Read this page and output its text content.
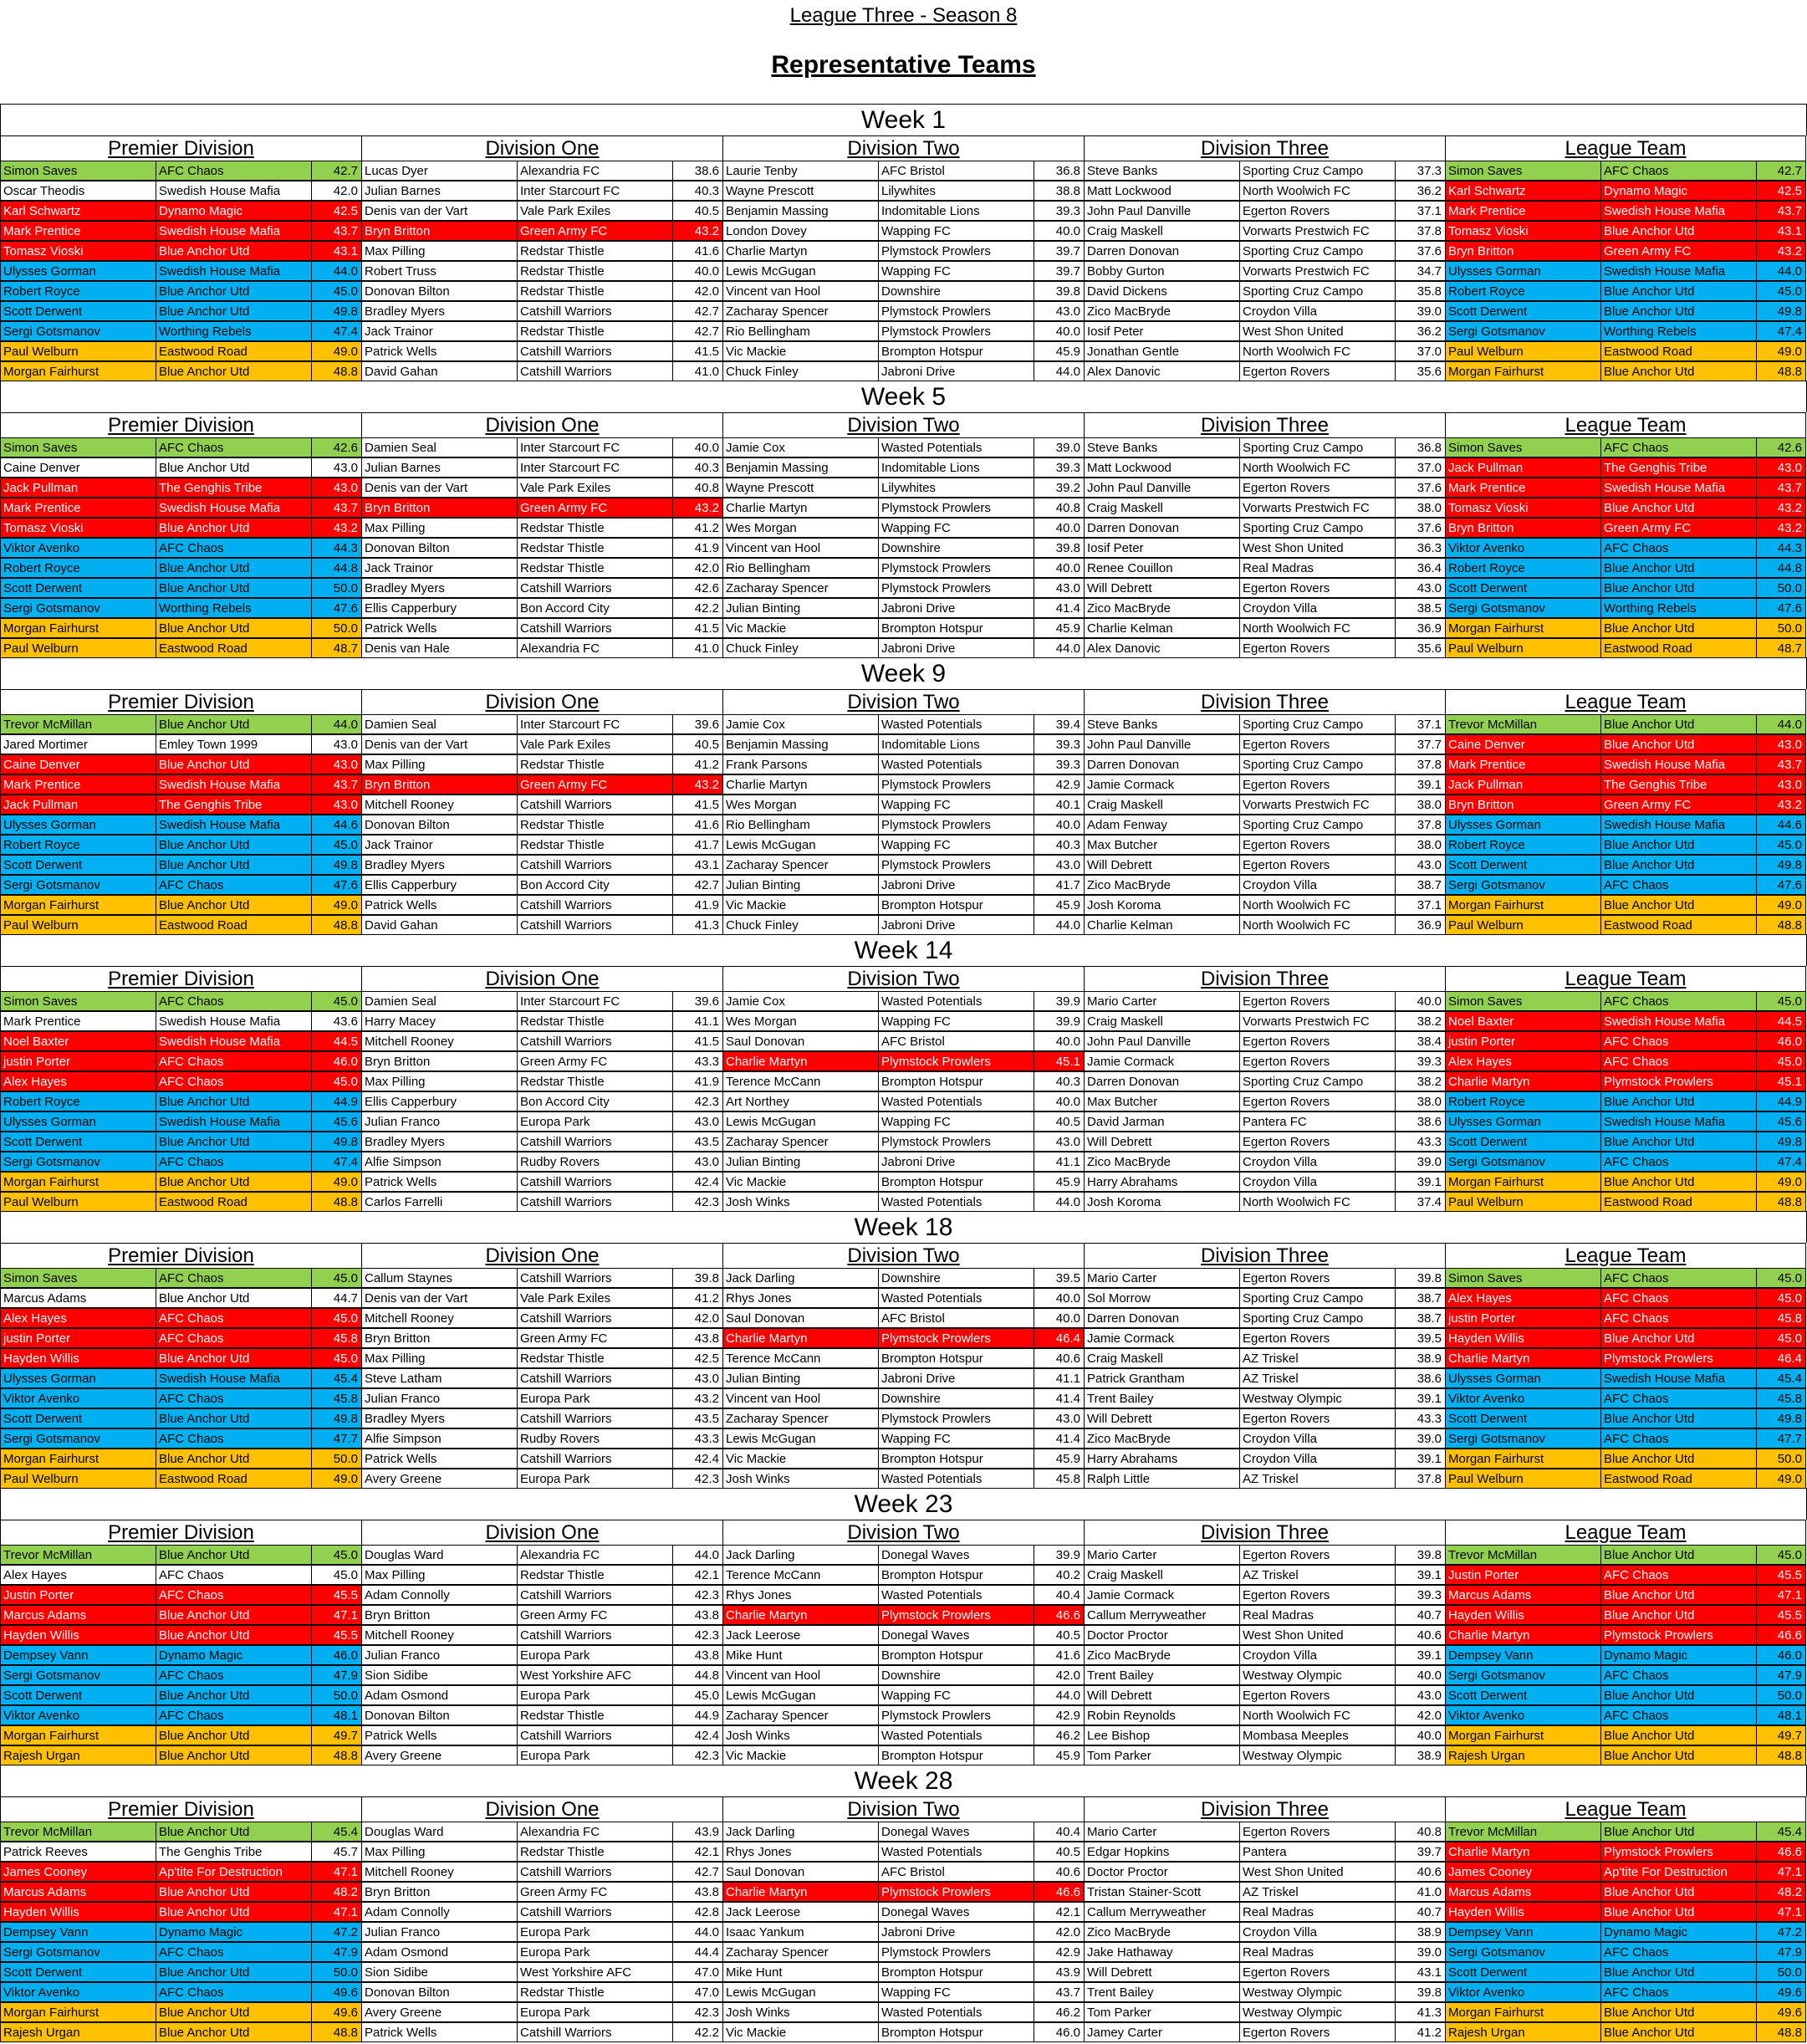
League Three - Season 8
Representative Teams
Week 1
Premier Division	Division One	Division Two	Division Three	League Team
Simon Saves	AFC Chaos	42.7 Lucas Dyer	Alexandria FC	38.6 Laurie Tenby	AFC Bristol	36.8 Steve Banks	Sporting Cruz Campo	37.3 Simon Saves	AFC Chaos	42.7
Oscar Theodis	Swedish House Mafia	42.0 Julian Barnes	Inter Starcourt FC	40.3 Wayne Prescott	Lilywhites	38.8 Matt Lockwood	North Woolwich FC	36.2 Karl Schwartz	Dynamo Magic	42.5
Karl Schwartz	Dynamo Magic	42.5 Denis van der Vart	Vale Park Exiles	40.5 Benjamin Massing	Indomitable Lions	39.3 John Paul Danville	Egerton Rovers	37.1 Mark Prentice	Swedish House Mafia	43.7
Mark Prentice	Swedish House Mafia	43.7 Bryn Britton	Green Army FC	43.2 London Dovey	Wapping FC	40.0 Craig Maskell	Vorwarts Prestwich FC	37.8 Tomasz Vioski	Blue Anchor Utd	43.1
Tomasz Vioski	Blue Anchor Utd	43.1 Max Pilling	Redstar Thistle	41.6 Charlie Martyn	Plymstock Prowlers	39.7 Darren Donovan	Sporting Cruz Campo	37.6 Bryn Britton	Green Army FC	43.2
Ulysses Gorman	Swedish House Mafia	44.0 Robert Truss	Redstar Thistle	40.0 Lewis McGugan	Wapping FC	39.7 Bobby Gurton	Vorwarts Prestwich FC	34.7 Ulysses Gorman	Swedish House Mafia	44.0
Robert Royce	Blue Anchor Utd	45.0 Donovan Bilton	Redstar Thistle	42.0 Vincent van Hool	Downshire	39.8 David Dickens	Sporting Cruz Campo	35.8 Robert Royce	Blue Anchor Utd	45.0
Scott Derwent	Blue Anchor Utd	49.8 Bradley Myers	Catshill Warriors	42.7 Zacharay Spencer	Plymstock Prowlers	43.0 Zico MacBryde	Croydon Villa	39.0 Scott Derwent	Blue Anchor Utd	49.8
Sergi Gotsmanov	Worthing Rebels	47.4 Jack Trainor	Redstar Thistle	42.7 Rio Bellingham	Plymstock Prowlers	40.0 Iosif Peter	West Shon United	36.2 Sergi Gotsmanov	Worthing Rebels	47.4
Paul Welburn	Eastwood Road	49.0 Patrick Wells	Catshill Warriors	41.5 Vic Mackie	Brompton Hotspur	45.9 Jonathan Gentle	North Woolwich FC	37.0 Paul Welburn	Eastwood Road	49.0
Morgan Fairhurst	Blue Anchor Utd	48.8 David Gahan	Catshill Warriors	41.0 Chuck Finley	Jabroni Drive	44.0 Alex Danovic	Egerton Rovers	35.6 Morgan Fairhurst	Blue Anchor Utd	48.8
Week 5
Premier Division	Division One	Division Two	Division Three	League Team
Simon Saves	AFC Chaos	42.6 Damien Seal	Inter Starcourt FC	40.0 Jamie Cox	Wasted Potentials	39.0 Steve Banks	Sporting Cruz Campo	36.8 Simon Saves	AFC Chaos	42.6
Caine Denver	Blue Anchor Utd	43.0 Julian Barnes	Inter Starcourt FC	40.3 Benjamin Massing	Indomitable Lions	39.3 Matt Lockwood	North Woolwich FC	37.0 Jack Pullman	The Genghis Tribe	43.0
Jack Pullman	The Genghis Tribe	43.0 Denis van der Vart	Vale Park Exiles	40.8 Wayne Prescott	Lilywhites	39.2 John Paul Danville	Egerton Rovers	37.6 Mark Prentice	Swedish House Mafia	43.7
Mark Prentice	Swedish House Mafia	43.7 Bryn Britton	Green Army FC	43.2 Charlie Martyn	Plymstock Prowlers	40.8 Craig Maskell	Vorwarts Prestwich FC	38.0 Tomasz Vioski	Blue Anchor Utd	43.2
Tomasz Vioski	Blue Anchor Utd	43.2 Max Pilling	Redstar Thistle	41.2 Wes Morgan	Wapping FC	40.0 Darren Donovan	Sporting Cruz Campo	37.6 Bryn Britton	Green Army FC	43.2
Viktor Avenko	AFC Chaos	44.3 Donovan Bilton	Redstar Thistle	41.9 Vincent van Hool	Downshire	39.8 Iosif Peter	West Shon United	36.3 Viktor Avenko	AFC Chaos	44.3
Robert Royce	Blue Anchor Utd	44.8 Jack Trainor	Redstar Thistle	42.0 Rio Bellingham	Plymstock Prowlers	40.0 Renee Couillon	Real Madras	36.4 Robert Royce	Blue Anchor Utd	44.8
Scott Derwent	Blue Anchor Utd	50.0 Bradley Myers	Catshill Warriors	42.6 Zacharay Spencer	Plymstock Prowlers	43.0 Will Debrett	Egerton Rovers	43.0 Scott Derwent	Blue Anchor Utd	50.0
Sergi Gotsmanov	Worthing Rebels	47.6 Ellis Capperbury	Bon Accord City	42.2 Julian Binting	Jabroni Drive	41.4 Zico MacBryde	Croydon Villa	38.5 Sergi Gotsmanov	Worthing Rebels	47.6
Morgan Fairhurst	Blue Anchor Utd	50.0 Patrick Wells	Catshill Warriors	41.5 Vic Mackie	Brompton Hotspur	45.9 Charlie Kelman	North Woolwich FC	36.9 Morgan Fairhurst	Blue Anchor Utd	50.0
Paul Welburn	Eastwood Road	48.7 Denis van Hale	Alexandria FC	41.0 Chuck Finley	Jabroni Drive	44.0 Alex Danovic	Egerton Rovers	35.6 Paul Welburn	Eastwood Road	48.7
Week 9
Premier Division	Division One	Division Two	Division Three	League Team
Trevor McMillan	Blue Anchor Utd	44.0 Damien Seal	Inter Starcourt FC	39.6 Jamie Cox	Wasted Potentials	39.4 Steve Banks	Sporting Cruz Campo	37.1 Trevor McMillan	Blue Anchor Utd	44.0
Jared Mortimer	Emley Town 1999	43.0 Denis van der Vart	Vale Park Exiles	40.5 Benjamin Massing	Indomitable Lions	39.3 John Paul Danville	Egerton Rovers	37.7 Caine Denver	Blue Anchor Utd	43.0
Caine Denver	Blue Anchor Utd	43.0 Max Pilling	Redstar Thistle	41.2 Frank Parsons	Wasted Potentials	39.3 Darren Donovan	Sporting Cruz Campo	37.8 Mark Prentice	Swedish House Mafia	43.7
Mark Prentice	Swedish House Mafia	43.7 Bryn Britton	Green Army FC	43.2 Charlie Martyn	Plymstock Prowlers	42.9 Jamie Cormack	Egerton Rovers	39.1 Jack Pullman	The Genghis Tribe	43.0
Jack Pullman	The Genghis Tribe	43.0 Mitchell Rooney	Catshill Warriors	41.5 Wes Morgan	Wapping FC	40.1 Craig Maskell	Vorwarts Prestwich FC	38.0 Bryn Britton	Green Army FC	43.2
Ulysses Gorman	Swedish House Mafia	44.6 Donovan Bilton	Redstar Thistle	41.6 Rio Bellingham	Plymstock Prowlers	40.0 Adam Fenway	Sporting Cruz Campo	37.8 Ulysses Gorman	Swedish House Mafia	44.6
Robert Royce	Blue Anchor Utd	45.0 Jack Trainor	Redstar Thistle	41.7 Lewis McGugan	Wapping FC	40.3 Max Butcher	Egerton Rovers	38.0 Robert Royce	Blue Anchor Utd	45.0
Scott Derwent	Blue Anchor Utd	49.8 Bradley Myers	Catshill Warriors	43.1 Zacharay Spencer	Plymstock Prowlers	43.0 Will Debrett	Egerton Rovers	43.0 Scott Derwent	Blue Anchor Utd	49.8
Sergi Gotsmanov	AFC Chaos	47.6 Ellis Capperbury	Bon Accord City	42.7 Julian Binting	Jabroni Drive	41.7 Zico MacBryde	Croydon Villa	38.7 Sergi Gotsmanov	AFC Chaos	47.6
Morgan Fairhurst	Blue Anchor Utd	49.0 Patrick Wells	Catshill Warriors	41.9 Vic Mackie	Brompton Hotspur	45.9 Josh Koroma	North Woolwich FC	37.1 Morgan Fairhurst	Blue Anchor Utd	49.0
Paul Welburn	Eastwood Road	48.8 David Gahan	Catshill Warriors	41.3 Chuck Finley	Jabroni Drive	44.0 Charlie Kelman	North Woolwich FC	36.9 Paul Welburn	Eastwood Road	48.8
Week 14
Premier Division	Division One	Division Two	Division Three	League Team
Simon Saves	AFC Chaos	45.0 Damien Seal	Inter Starcourt FC	39.6 Jamie Cox	Wasted Potentials	39.9 Mario Carter	Egerton Rovers	40.0 Simon Saves	AFC Chaos	45.0
Mark Prentice	Swedish House Mafia	43.6 Harry Macey	Redstar Thistle	41.1 Wes Morgan	Wapping FC	39.9 Craig Maskell	Vorwarts Prestwich FC	38.2 Noel Baxter	Swedish House Mafia	44.5
Noel Baxter	Swedish House Mafia	44.5 Mitchell Rooney	Catshill Warriors	41.5 Saul Donovan	AFC Bristol	40.0 John Paul Danville	Egerton Rovers	38.4 justin Porter	AFC Chaos	46.0
justin Porter	AFC Chaos	46.0 Bryn Britton	Green Army FC	43.3 Charlie Martyn	Plymstock Prowlers	45.1 Jamie Cormack	Egerton Rovers	39.3 Alex Hayes	AFC Chaos	45.0
Alex Hayes	AFC Chaos	45.0 Max Pilling	Redstar Thistle	41.9 Terence McCann	Brompton Hotspur	40.3 Darren Donovan	Sporting Cruz Campo	38.2 Charlie Martyn	Plymstock Prowlers	45.1
Robert Royce	Blue Anchor Utd	44.9 Ellis Capperbury	Bon Accord City	42.3 Art Northey	Wasted Potentials	40.0 Max Butcher	Egerton Rovers	38.0 Robert Royce	Blue Anchor Utd	44.9
Ulysses Gorman	Swedish House Mafia	45.6 Julian Franco	Europa Park	43.0 Lewis McGugan	Wapping FC	40.5 David Jarman	Pantera FC	38.6 Ulysses Gorman	Swedish House Mafia	45.6
Scott Derwent	Blue Anchor Utd	49.8 Bradley Myers	Catshill Warriors	43.5 Zacharay Spencer	Plymstock Prowlers	43.0 Will Debrett	Egerton Rovers	43.3 Scott Derwent	Blue Anchor Utd	49.8
Sergi Gotsmanov	AFC Chaos	47.4 Alfie Simpson	Rudby Rovers	43.0 Julian Binting	Jabroni Drive	41.1 Zico MacBryde	Croydon Villa	39.0 Sergi Gotsmanov	AFC Chaos	47.4
Morgan Fairhurst	Blue Anchor Utd	49.0 Patrick Wells	Catshill Warriors	42.4 Vic Mackie	Brompton Hotspur	45.9 Harry Abrahams	Croydon Villa	39.1 Morgan Fairhurst	Blue Anchor Utd	49.0
Paul Welburn	Eastwood Road	48.8 Carlos Farrelli	Catshill Warriors	42.3 Josh Winks	Wasted Potentials	44.0 Josh Koroma	North Woolwich FC	37.4 Paul Welburn	Eastwood Road	48.8
Week 18
Premier Division	Division One	Division Two	Division Three	League Team
Simon Saves	AFC Chaos	45.0 Callum Staynes	Catshill Warriors	39.8 Jack Darling	Downshire	39.5 Mario Carter	Egerton Rovers	39.8 Simon Saves	AFC Chaos	45.0
Marcus Adams	Blue Anchor Utd	44.7 Denis van der Vart	Vale Park Exiles	41.2 Rhys Jones	Wasted Potentials	40.0 Sol Morrow	Sporting Cruz Campo	38.7 Alex Hayes	AFC Chaos	45.0
Alex Hayes	AFC Chaos	45.0 Mitchell Rooney	Catshill Warriors	42.0 Saul Donovan	AFC Bristol	40.0 Darren Donovan	Sporting Cruz Campo	38.7 justin Porter	AFC Chaos	45.8
justin Porter	AFC Chaos	45.8 Bryn Britton	Green Army FC	43.8 Charlie Martyn	Plymstock Prowlers	46.4 Jamie Cormack	Egerton Rovers	39.5 Hayden Willis	Blue Anchor Utd	45.0
Hayden Willis	Blue Anchor Utd	45.0 Max Pilling	Redstar Thistle	42.5 Terence McCann	Brompton Hotspur	40.6 Craig Maskell	AZ Triskel	38.9 Charlie Martyn	Plymstock Prowlers	46.4
Ulysses Gorman	Swedish House Mafia	45.4 Steve Latham	Catshill Warriors	43.0 Julian Binting	Jabroni Drive	41.1 Patrick Grantham	AZ Triskel	38.6 Ulysses Gorman	Swedish House Mafia	45.4
Viktor Avenko	AFC Chaos	45.8 Julian Franco	Europa Park	43.2 Vincent van Hool	Downshire	41.4 Trent Bailey	Westway Olympic	39.1 Viktor Avenko	AFC Chaos	45.8
Scott Derwent	Blue Anchor Utd	49.8 Bradley Myers	Catshill Warriors	43.5 Zacharay Spencer	Plymstock Prowlers	43.0 Will Debrett	Egerton Rovers	43.3 Scott Derwent	Blue Anchor Utd	49.8
Sergi Gotsmanov	AFC Chaos	47.7 Alfie Simpson	Rudby Rovers	43.3 Lewis McGugan	Wapping FC	41.4 Zico MacBryde	Croydon Villa	39.0 Sergi Gotsmanov	AFC Chaos	47.7
Morgan Fairhurst	Blue Anchor Utd	50.0 Patrick Wells	Catshill Warriors	42.4 Vic Mackie	Brompton Hotspur	45.9 Harry Abrahams	Croydon Villa	39.1 Morgan Fairhurst	Blue Anchor Utd	50.0
Paul Welburn	Eastwood Road	49.0 Avery Greene	Europa Park	42.3 Josh Winks	Wasted Potentials	45.8 Ralph Little	AZ Triskel	37.8 Paul Welburn	Eastwood Road	49.0
Week 23
Premier Division	Division One	Division Two	Division Three	League Team
Trevor McMillan	Blue Anchor Utd	45.0 Douglas Ward	Alexandria FC	44.0 Jack Darling	Donegal Waves	39.9 Mario Carter	Egerton Rovers	39.8 Trevor McMillan	Blue Anchor Utd	45.0
Alex Hayes	AFC Chaos	45.0 Max Pilling	Redstar Thistle	42.1 Terence McCann	Brompton Hotspur	40.2 Craig Maskell	AZ Triskel	39.1 Justin Porter	AFC Chaos	45.5
Justin Porter	AFC Chaos	45.5 Adam Connolly	Catshill Warriors	42.3 Rhys Jones	Wasted Potentials	40.4 Jamie Cormack	Egerton Rovers	39.3 Marcus Adams	Blue Anchor Utd	47.1
Marcus Adams	Blue Anchor Utd	47.1 Bryn Britton	Green Army FC	43.8 Charlie Martyn	Plymstock Prowlers	46.6 Callum Merryweather	Real Madras	40.7 Hayden Willis	Blue Anchor Utd	45.5
Hayden Willis	Blue Anchor Utd	45.5 Mitchell Rooney	Catshill Warriors	42.3 Jack Leerose	Donegal Waves	40.5 Doctor Proctor	West Shon United	40.6 Charlie Martyn	Plymstock Prowlers	46.6
Dempsey Vann	Dynamo Magic	46.0 Julian Franco	Europa Park	43.8 Mike Hunt	Brompton Hotspur	41.6 Zico MacBryde	Croydon Villa	39.1 Dempsey Vann	Dynamo Magic	46.0
Sergi Gotsmanov	AFC Chaos	47.9 Sion Sidibe	West Yorkshire AFC	44.8 Vincent van Hool	Downshire	42.0 Trent Bailey	Westway Olympic	40.0 Sergi Gotsmanov	AFC Chaos	47.9
Scott Derwent	Blue Anchor Utd	50.0 Adam Osmond	Europa Park	45.0 Lewis McGugan	Wapping FC	44.0 Will Debrett	Egerton Rovers	43.0 Scott Derwent	Blue Anchor Utd	50.0
Viktor Avenko	AFC Chaos	48.1 Donovan Bilton	Redstar Thistle	44.9 Zacharay Spencer	Plymstock Prowlers	42.9 Robin Reynolds	North Woolwich FC	42.0 Viktor Avenko	AFC Chaos	48.1
Morgan Fairhurst	Blue Anchor Utd	49.7 Patrick Wells	Catshill Warriors	42.4 Josh Winks	Wasted Potentials	46.2 Lee Bishop	Mombasa Meeples	40.0 Morgan Fairhurst	Blue Anchor Utd	49.7
Rajesh Urgan	Blue Anchor Utd	48.8 Avery Greene	Europa Park	42.3 Vic Mackie	Brompton Hotspur	45.9 Tom Parker	Westway Olympic	38.9 Rajesh Urgan	Blue Anchor Utd	48.8
Week 28
Premier Division	Division One	Division Two	Division Three	League Team
Trevor McMillan	Blue Anchor Utd	45.4 Douglas Ward	Alexandria FC	43.9 Jack Darling	Donegal Waves	40.4 Mario Carter	Egerton Rovers	40.8 Trevor McMillan	Blue Anchor Utd	45.4
Patrick Reeves	The Genghis Tribe	45.7 Max Pilling	Redstar Thistle	42.1 Rhys Jones	Wasted Potentials	40.5 Edgar Hopkins	Pantera	39.7 Charlie Martyn	Plymstock Prowlers	46.6
James Cooney	Ap'tite For Destruction	47.1 Mitchell Rooney	Catshill Warriors	42.7 Saul Donovan	AFC Bristol	40.6 Doctor Proctor	West Shon United	40.6 James Cooney	Ap'tite For Destruction	47.1
Marcus Adams	Blue Anchor Utd	48.2 Bryn Britton	Green Army FC	43.8 Charlie Martyn	Plymstock Prowlers	46.6 Tristan Stainer-Scott	AZ Triskel	41.0 Marcus Adams	Blue Anchor Utd	48.2
Hayden Willis	Blue Anchor Utd	47.1 Adam Connolly	Catshill Warriors	42.8 Jack Leerose	Donegal Waves	42.1 Callum Merryweather	Real Madras	40.7 Hayden Willis	Blue Anchor Utd	47.1
Dempsey Vann	Dynamo Magic	47.2 Julian Franco	Europa Park	44.0 Isaac Yankum	Jabroni Drive	42.0 Zico MacBryde	Croydon Villa	38.9 Dempsey Vann	Dynamo Magic	47.2
Sergi Gotsmanov	AFC Chaos	47.9 Adam Osmond	Europa Park	44.4 Zacharay Spencer	Plymstock Prowlers	42.9 Jake Hathaway	Real Madras	39.0 Sergi Gotsmanov	AFC Chaos	47.9
Scott Derwent	Blue Anchor Utd	50.0 Sion Sidibe	West Yorkshire AFC	47.0 Mike Hunt	Brompton Hotspur	43.9 Will Debrett	Egerton Rovers	43.1 Scott Derwent	Blue Anchor Utd	50.0
Viktor Avenko	AFC Chaos	49.6 Donovan Bilton	Redstar Thistle	47.0 Lewis McGugan	Wapping FC	43.7 Trent Bailey	Westway Olympic	39.8 Viktor Avenko	AFC Chaos	49.6
Morgan Fairhurst	Blue Anchor Utd	49.6 Avery Greene	Europa Park	42.3 Josh Winks	Wasted Potentials	46.2 Tom Parker	Westway Olympic	41.3 Morgan Fairhurst	Blue Anchor Utd	49.6
Rajesh Urgan	Blue Anchor Utd	48.8 Patrick Wells	Catshill Warriors	42.2 Vic Mackie	Brompton Hotspur	46.0 Jamey Carter	Egerton Rovers	41.2 Rajesh Urgan	Blue Anchor Utd	48.8
